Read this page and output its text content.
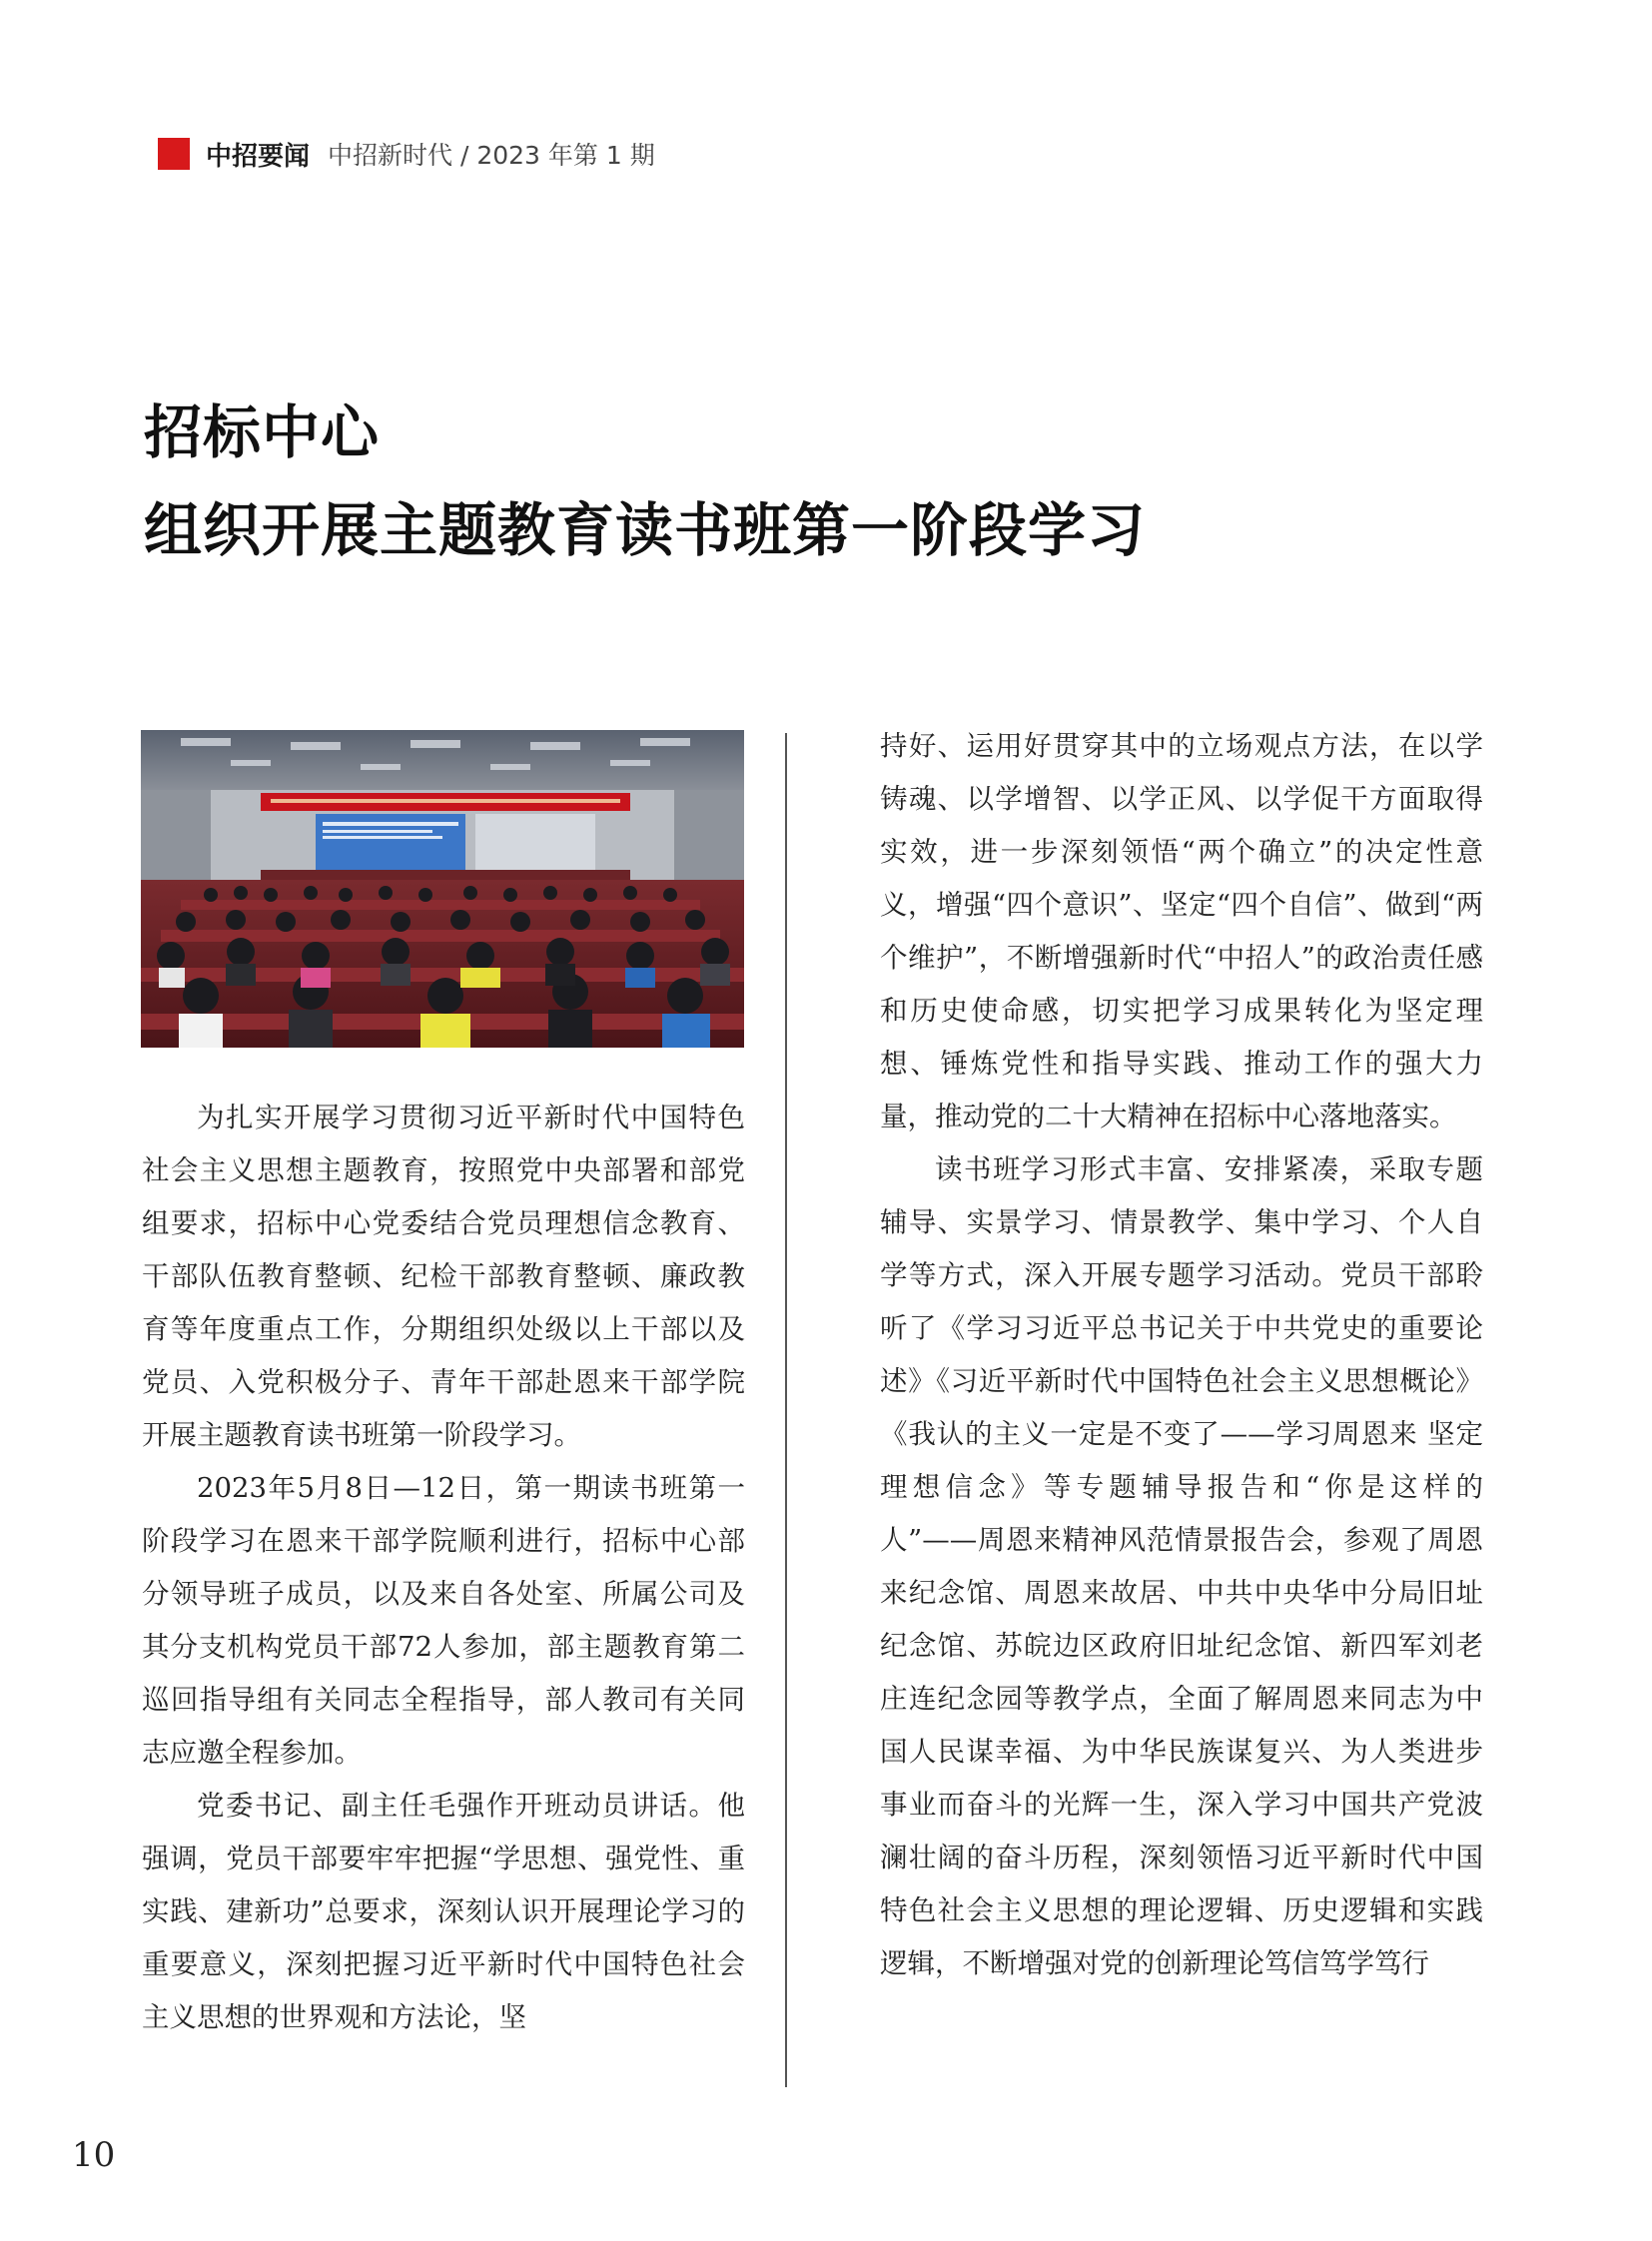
中招要闻 中招新时代 / 2023 年第 1 期
招标中心
组织开展主题教育读书班第一阶段学习

为扎实开展学习贯彻习近平新时代中国特色社会主义思想主题教育，按照党中央部署和部党组要求，招标中心党委结合党员理想信念教育、干部队伍教育整顿、纪检干部教育整顿、廉政教育等年度重点工作，分期组织处级以上干部以及党员、入党积极分子、青年干部赴恩来干部学院开展主题教育读书班第一阶段学习。

2023年5月8日—12日，第一期读书班第一阶段学习在恩来干部学院顺利进行，招标中心部分领导班子成员，以及来自各处室、所属公司及其分支机构党员干部72人参加，部主题教育第二巡回指导组有关同志全程指导，部人教司有关同志应邀全程参加。

党委书记、副主任毛强作开班动员讲话。他强调，党员干部要牢牢把握“学思想、强党性、重实践、建新功”总要求，深刻认识开展理论学习的重要意义，深刻把握习近平新时代中国特色社会主义思想的世界观和方法论，坚

持好、运用好贯穿其中的立场观点方法，在以学铸魂、以学增智、以学正风、以学促干方面取得实效，进一步深刻领悟“两个确立”的决定性意义，增强“四个意识”、坚定“四个自信”、做到“两个维护”，不断增强新时代“中招人”的政治责任感和历史使命感，切实把学习成果转化为坚定理想、锤炼党性和指导实践、推动工作的强大力量，推动党的二十大精神在招标中心落地落实。

读书班学习形式丰富、安排紧凑，采取专题辅导、实景学习、情景教学、集中学习、个人自学等方式，深入开展专题学习活动。党员干部聆听了《学习习近平总书记关于中共党史的重要论述》《习近平新时代中国特色社会主义思想概论》《我认的主义一定是不变了——学习周恩来 坚定理想信念》等专题辅导报告和“你是这样的人”——周恩来精神风范情景报告会，参观了周恩来纪念馆、周恩来故居、中共中央华中分局旧址纪念馆、苏皖边区政府旧址纪念馆、新四军刘老庄连纪念园等教学点，全面了解周恩来同志为中国人民谋幸福、为中华民族谋复兴、为人类进步事业而奋斗的光辉一生，深入学习中国共产党波澜壮阔的奋斗历程，深刻领悟习近平新时代中国特色社会主义思想的理论逻辑、历史逻辑和实践逻辑，不断增强对党的创新理论笃信笃学笃行

10
